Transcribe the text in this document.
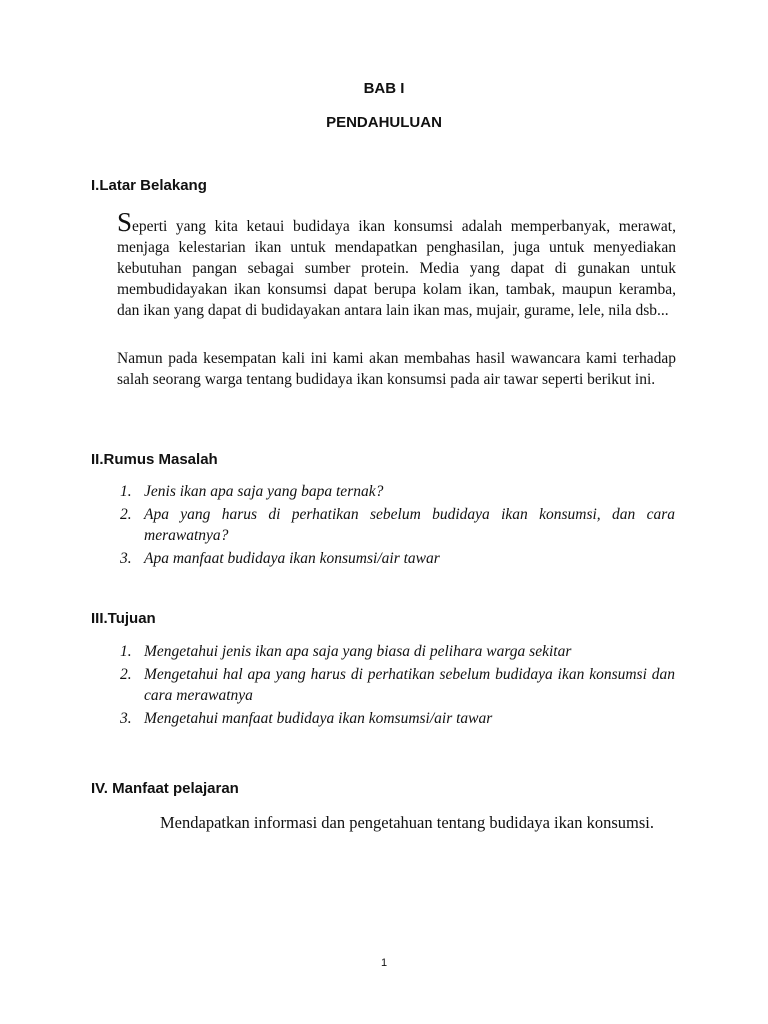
BAB I
PENDAHULUAN
I.Latar Belakang

Seperti yang kita ketaui budidaya ikan konsumsi adalah memperbanyak, merawat, menjaga kelestarian ikan untuk mendapatkan penghasilan, juga untuk menyediakan kebutuhan pangan sebagai sumber protein. Media yang dapat di gunakan untuk membudidayakan ikan konsumsi dapat berupa kolam ikan, tambak, maupun keramba, dan ikan yang dapat di budidayakan antara lain ikan mas, mujair, gurame, lele, nila dsb...

Namun pada kesempatan kali ini kami akan membahas hasil wawancara kami terhadap salah seorang warga tentang budidaya ikan konsumsi pada air tawar seperti berikut ini.

II.Rumus Masalah
1. Jenis ikan apa saja yang bapa ternak?
2. Apa yang harus di perhatikan sebelum budidaya ikan konsumsi, dan cara merawatnya?
3. Apa manfaat budidaya ikan konsumsi/air tawar
III.Tujuan
1. Mengetahui jenis ikan apa saja yang biasa di pelihara warga sekitar
2. Mengetahui hal apa yang harus di perhatikan sebelum budidaya ikan konsumsi dan cara merawatnya
3. Mengetahui manfaat budidaya ikan komsumsi/air tawar
IV. Manfaat pelajaran

Mendapatkan informasi dan pengetahuan tentang budidaya ikan konsumsi.

1
